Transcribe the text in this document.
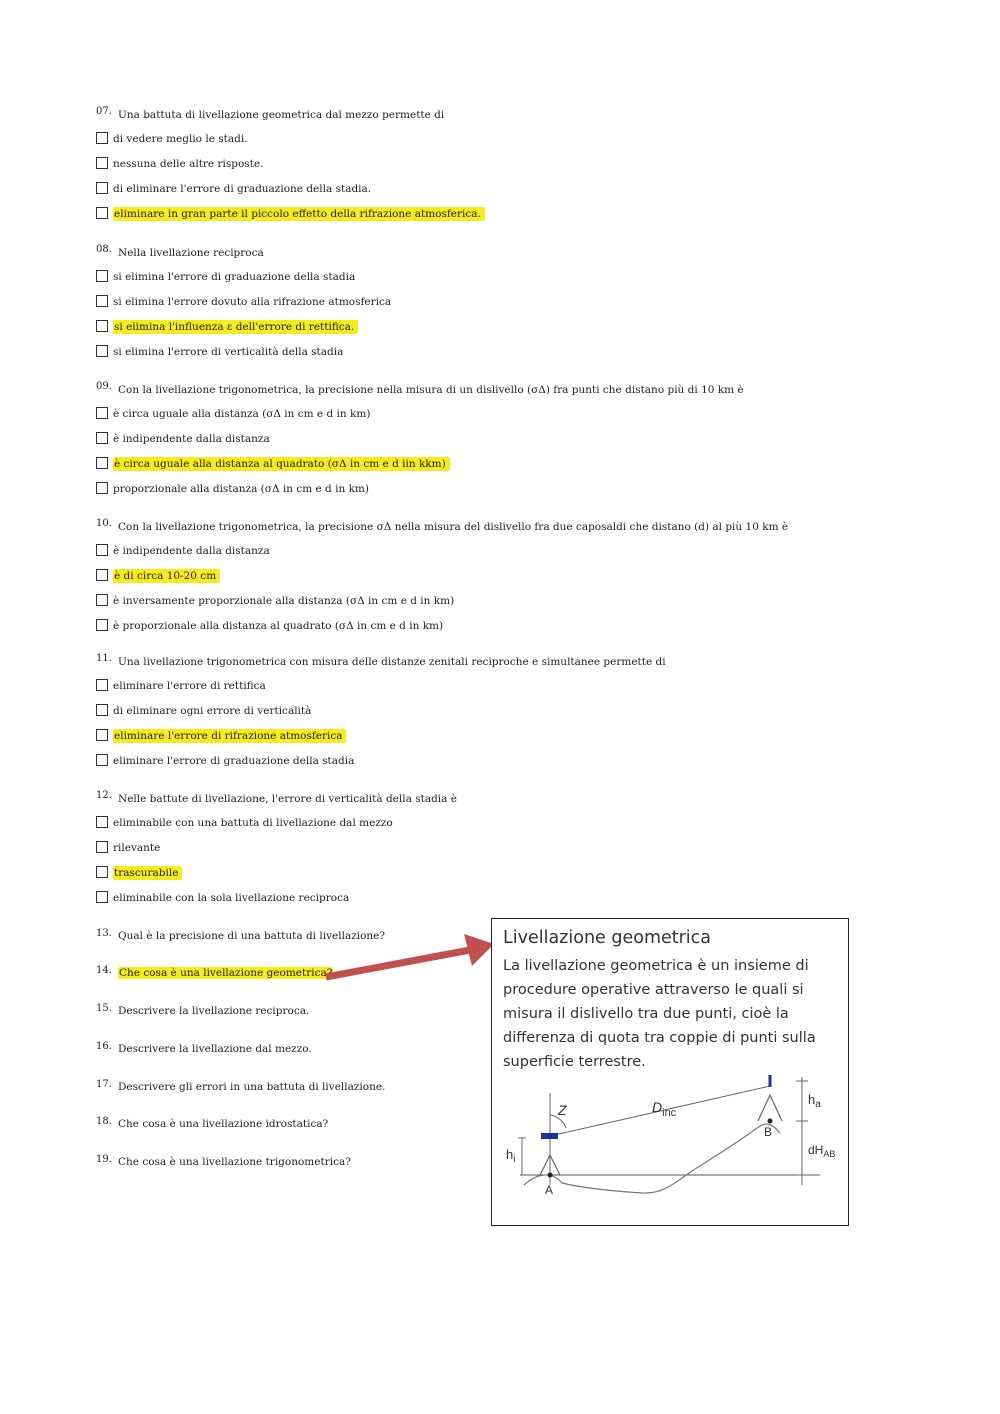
07. Una battuta di livellazione geometrica dal mezzo permette di
di vedere meglio le stadi.
nessuna delle altre risposte.
di eliminare l'errore di graduazione della stadia.
eliminare in gran parte il piccolo effetto della rifrazione atmosferica.
08. Nella livellazione reciproca
si elimina l'errore di graduazione della stadia
si elimina l'errore dovuto alla rifrazione atmosferica
si elimina l'influenza ε dell'errore di rettifica.
si elimina l'errore di verticalità della stadia
09. Con la livellazione trigonometrica, la precisione nella misura di un dislivello (σΔ) fra punti che distano più di 10 km è
è circa uguale alla distanza (σΔ in cm e d in km)
è indipendente dalla distanza
è circa uguale alla distanza al quadrato (σΔ in cm e d iin kkm)
proporzionale alla distanza (σΔ in cm e d in km)
10. Con la livellazione trigonometrica, la precisione σΔ nella misura del dislivello fra due caposaldi che distano (d) al più 10 km è
è indipendente dalla distanza
è di circa 10-20 cm
è inversamente proporzionale alla distanza (σΔ in cm e d in km)
è proporzionale alla distanza al quadrato (σΔ in cm e d in km)
11. Una livellazione trigonometrica con misura delle distanze zenitali reciproche e simultanee permette di
eliminare l'errore di rettifica
di eliminare ogni errore di verticalità
eliminare l'errore di rifrazione atmosferica
eliminare l'errore di graduazione della stadia
12. Nelle battute di livellazione, l'errore di verticalità della stadia è
eliminabile con una battuta di livellazione dal mezzo
rilevante
trascurabile
eliminabile con la sola livellazione reciproca
13. Qual è la precisione di una battuta di livellazione?
14. Che cosa è una livellazione geometrica?
15. Descrivere la livellazione reciproca.
16. Descrivere la livellazione dal mezzo.
17. Descrivere gli errori in una battuta di livellazione.
18. Che cosa è una livellazione idrostatica?
19. Che cosa è una livellazione trigonometrica?
Livellazione geometrica
La livellazione geometrica è un insieme di procedure operative attraverso le quali si misura il dislivello tra due punti, cioè la differenza di quota tra coppie di punti sulla superficie terrestre.
Z	$D_{inc}$
$h_a$
$h_i$
$dH_{AB}$
A
B
